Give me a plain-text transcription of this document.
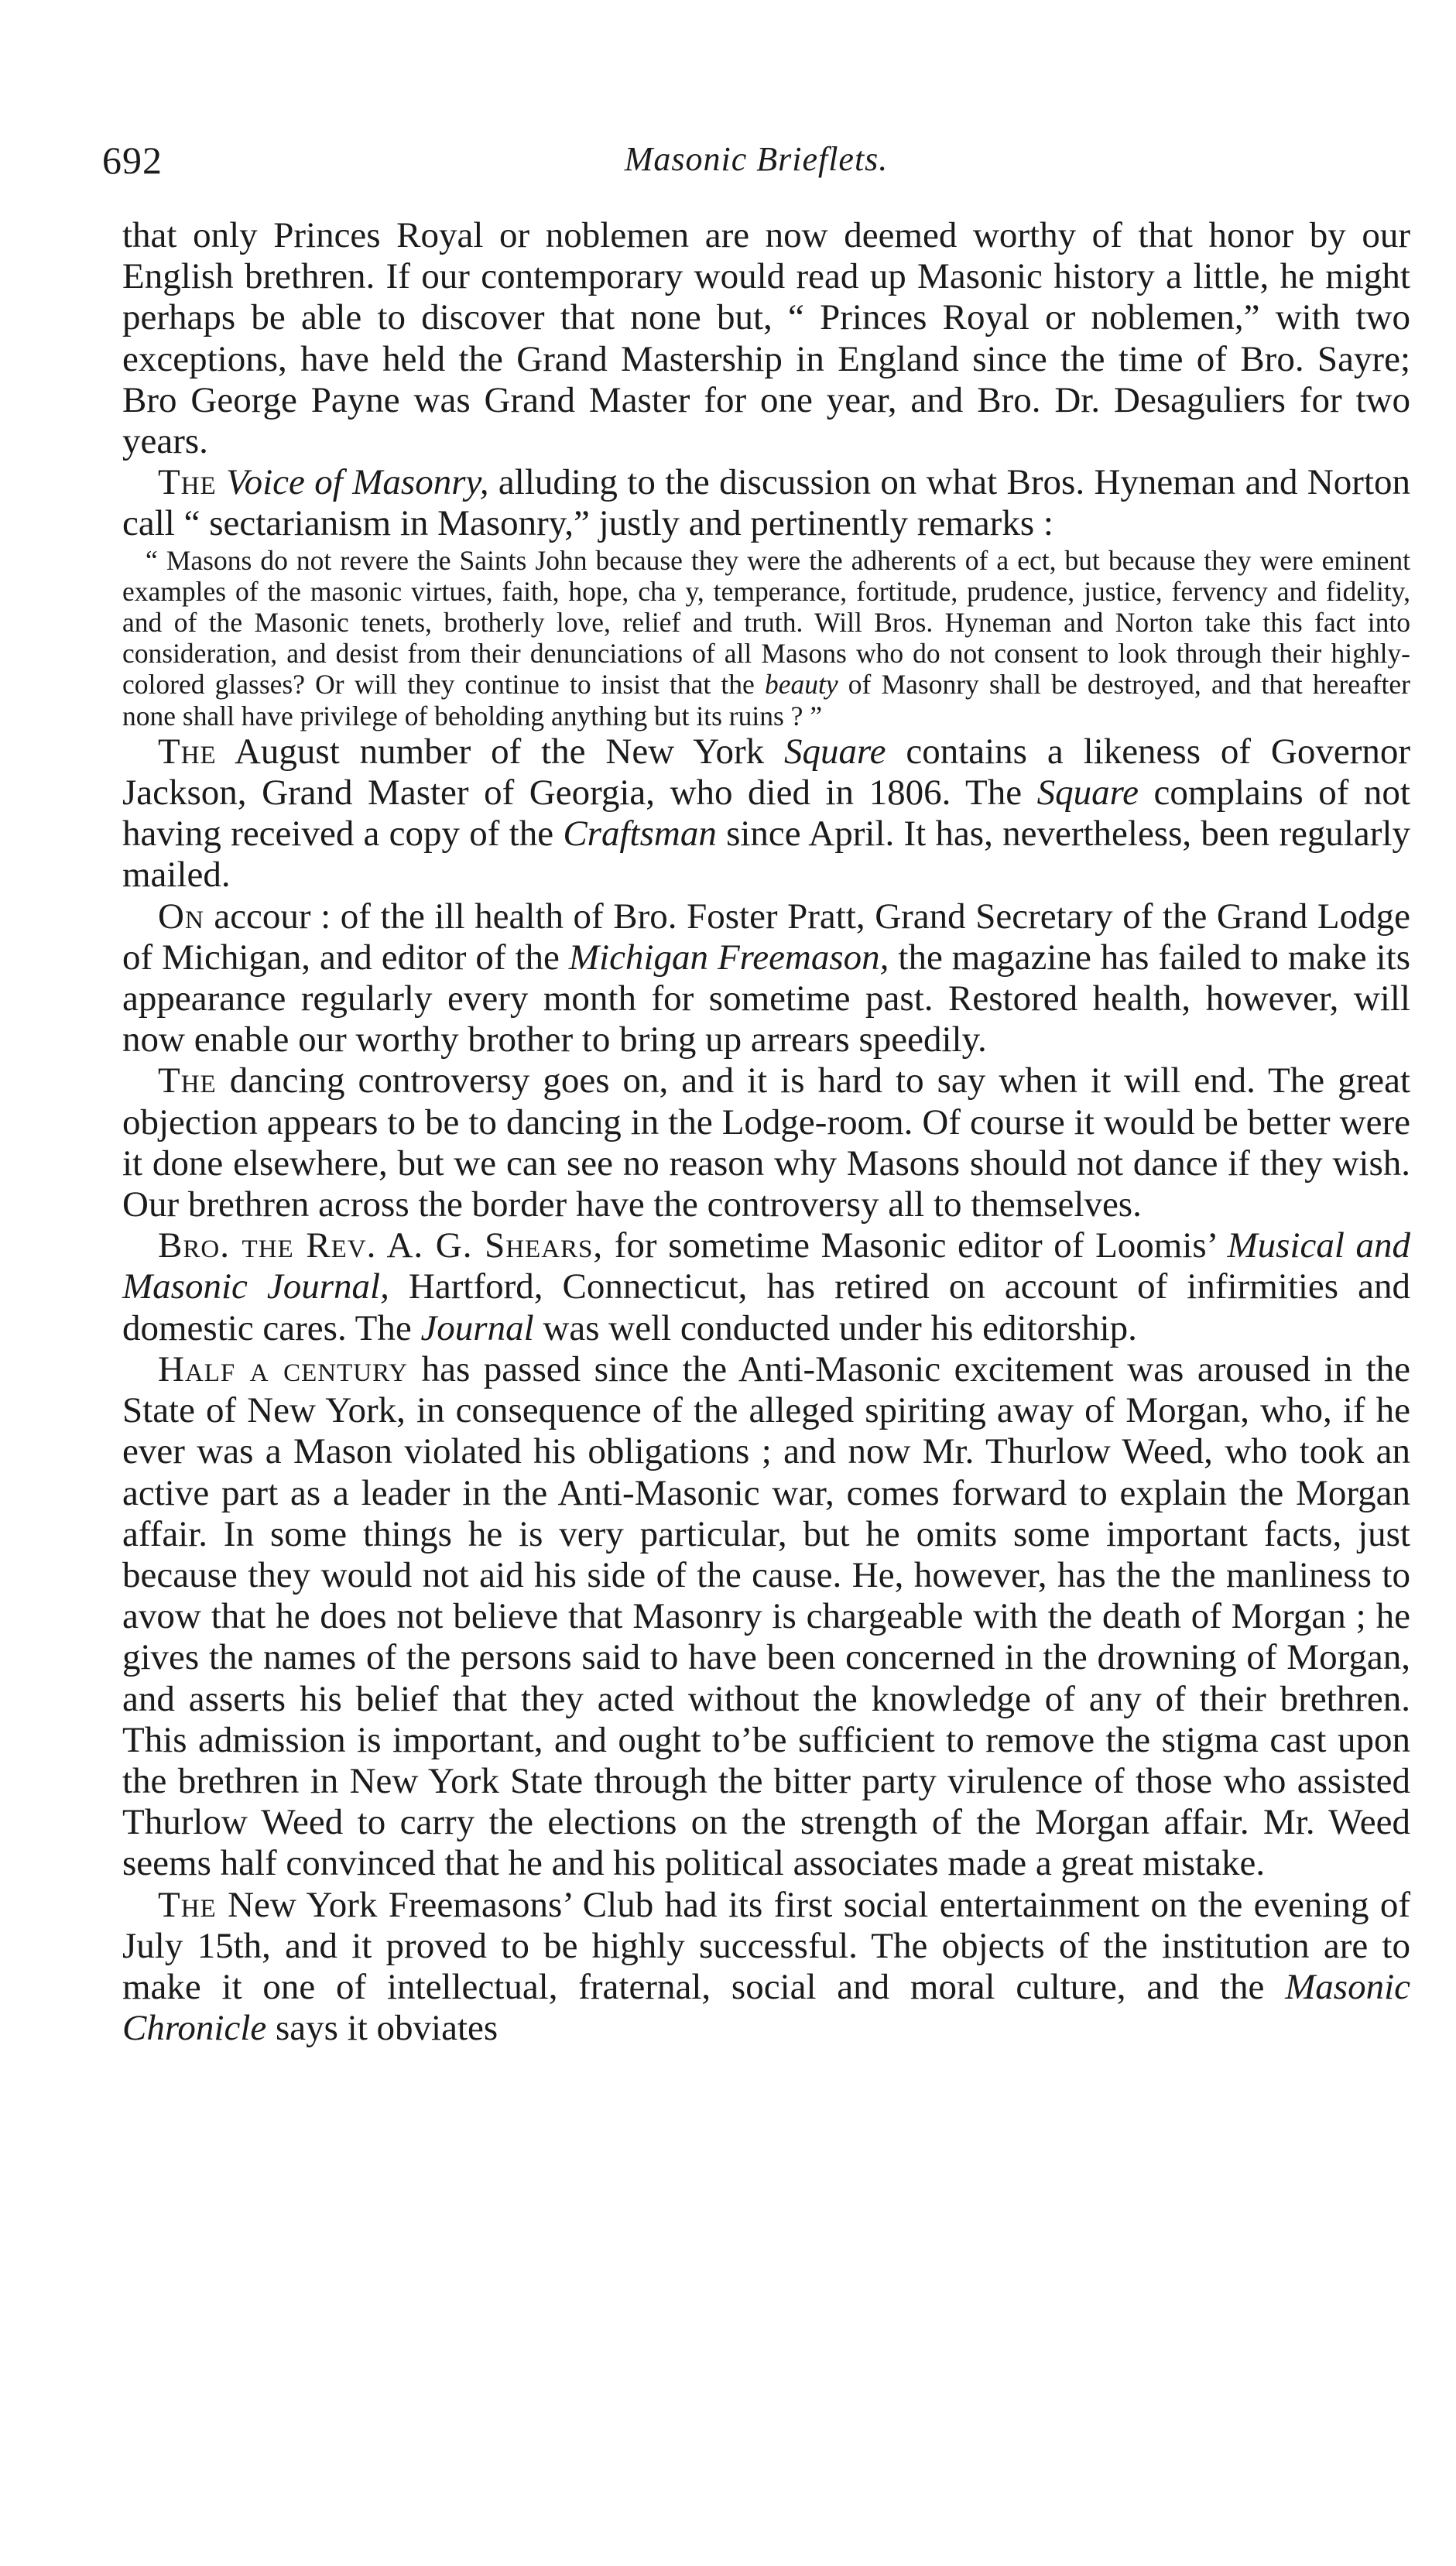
692	Masonic Brieflets.

that only Princes Royal or noblemen are now deemed worthy of that honor by our English brethren. If our contemporary would read up Masonic history a little, he might perhaps be able to discover that none but, “ Princes Royal or noblemen,” with two exceptions, have held the Grand Mastership in England since the time of Bro. Sayre; Bro George Payne was Grand Master for one year, and Bro. Dr. Desaguliers for two years.

The Voice of Masonry, alluding to the discussion on what Bros. Hyneman and Norton call “ sectarianism in Masonry,” justly and pertinently remarks :

“ Masons do not revere the Saints John because they were the adherents of a ect, but because they were eminent examples of the masonic virtues, faith, hope, cha y, temperance, fortitude, prudence, justice, fervency and fidelity, and of the Masonic tenets, brotherly love, relief and truth. Will Bros. Hyneman and Norton take this fact into consideration, and desist from their denunciations of all Masons who do not consent to look through their highly-colored glasses? Or will they continue to insist that the beauty of Masonry shall be destroyed, and that hereafter none shall have privilege of beholding anything but its ruins ? ”

The August number of the New York Square contains a likeness of Governor Jackson, Grand Master of Georgia, who died in 1806. The Square complains of not having received a copy of the Craftsman since April. It has, nevertheless, been regularly mailed.

On accour : of the ill health of Bro. Foster Pratt, Grand Secretary of the Grand Lodge of Michigan, and editor of the Michigan Freemason, the magazine has failed to make its appearance regularly every month for sometime past. Restored health, however, will now enable our worthy brother to bring up arrears speedily.

The dancing controversy goes on, and it is hard to say when it will end. The great objection appears to be to dancing in the Lodge-room. Of course it would be better were it done elsewhere, but we can see no reason why Masons should not dance if they wish. Our brethren across the border have the controversy all to themselves.

Bro. the Rev. A. G. Shears, for sometime Masonic editor of Loomis’ Musical and Masonic Journal, Hartford, Connecticut, has retired on account of infirmities and domestic cares. The Journal was well conducted under his editorship.

Half a century has passed since the Anti-Masonic excitement was aroused in the State of New York, in consequence of the alleged spiriting away of Morgan, who, if he ever was a Mason violated his obligations ; and now Mr. Thurlow Weed, who took an active part as a leader in the Anti-Masonic war, comes forward to explain the Morgan affair. In some things he is very particular, but he omits some important facts, just because they would not aid his side of the cause. He, however, has the the manliness to avow that he does not believe that Masonry is chargeable with the death of Morgan ; he gives the names of the persons said to have been concerned in the drowning of Morgan, and asserts his belief that they acted without the knowledge of any of their brethren. This admission is important, and ought to’be sufficient to remove the stigma cast upon the brethren in New York State through the bitter party virulence of those who assisted Thurlow Weed to carry the elections on the strength of the Morgan affair. Mr. Weed seems half convinced that he and his political associates made a great mistake.

The New York Freemasons’ Club had its first social entertainment on the evening of July 15th, and it proved to be highly successful. The objects of the institution are to make it one of intellectual, fraternal, social and moral culture, and the Masonic Chronicle says it obviates
